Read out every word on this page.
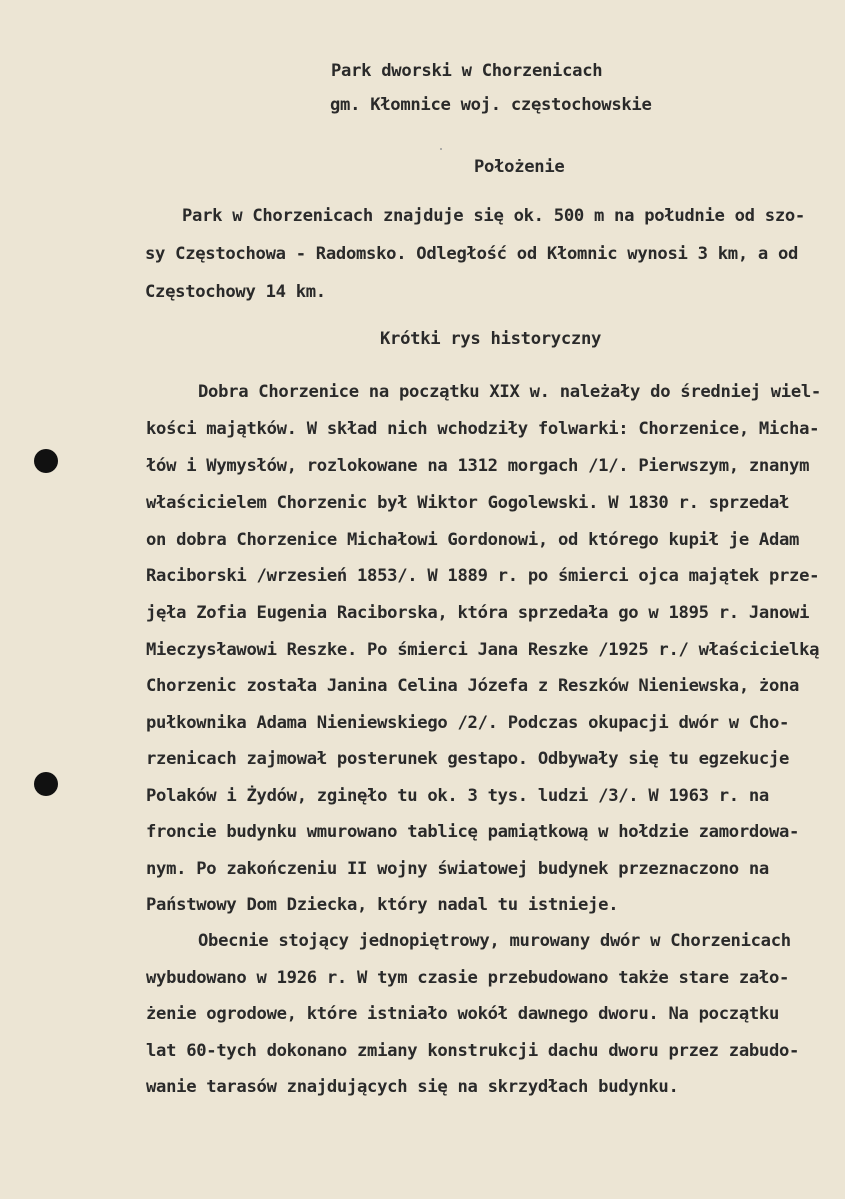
Park dworski w Chorzenicach
gm. Kłomnice woj. częstochowskie
Położenie
Park w Chorzenicach znajduje się ok. 500 m na południe od szo-
sy Częstochowa - Radomsko. Odległość od Kłomnic wynosi 3 km, a od
Częstochowy 14 km.
Krótki rys historyczny
Dobra Chorzenice na początku XIX w. należały do średniej wiel-
kości majątków. W skład nich wchodziły folwarki: Chorzenice, Micha-
łów i Wymysłów, rozlokowane na 1312 morgach /1/. Pierwszym, znanym
właścicielem Chorzenic był Wiktor Gogolewski. W 1830 r. sprzedał
on dobra Chorzenice Michałowi Gordonowi, od którego kupił je Adam
Raciborski /wrzesień 1853/. W 1889 r. po śmierci ojca majątek prze-
jęła Zofia Eugenia Raciborska, która sprzedała go w 1895 r. Janowi
Mieczysławowi Reszke. Po śmierci Jana Reszke /1925 r./ właścicielką
Chorzenic została Janina Celina Józefa z Reszków Nieniewska, żona
pułkownika Adama Nieniewskiego /2/. Podczas okupacji dwór w Cho-
rzenicach zajmował posterunek gestapo. Odbywały się tu egzekucje
Polaków i Żydów, zginęło tu ok. 3 tys. ludzi /3/. W 1963 r. na
froncie budynku wmurowano tablicę pamiątkową w hołdzie zamordowa-
nym. Po zakończeniu II wojny światowej budynek przeznaczono na
Państwowy Dom Dziecka, który nadal tu istnieje.
Obecnie stojący jednopiętrowy, murowany dwór w Chorzenicach
wybudowano w 1926 r. W tym czasie przebudowano także stare zało-
żenie ogrodowe, które istniało wokół dawnego dworu. Na początku
lat 60-tych dokonano zmiany konstrukcji dachu dworu przez zabudo-
wanie tarasów znajdujących się na skrzydłach budynku.
